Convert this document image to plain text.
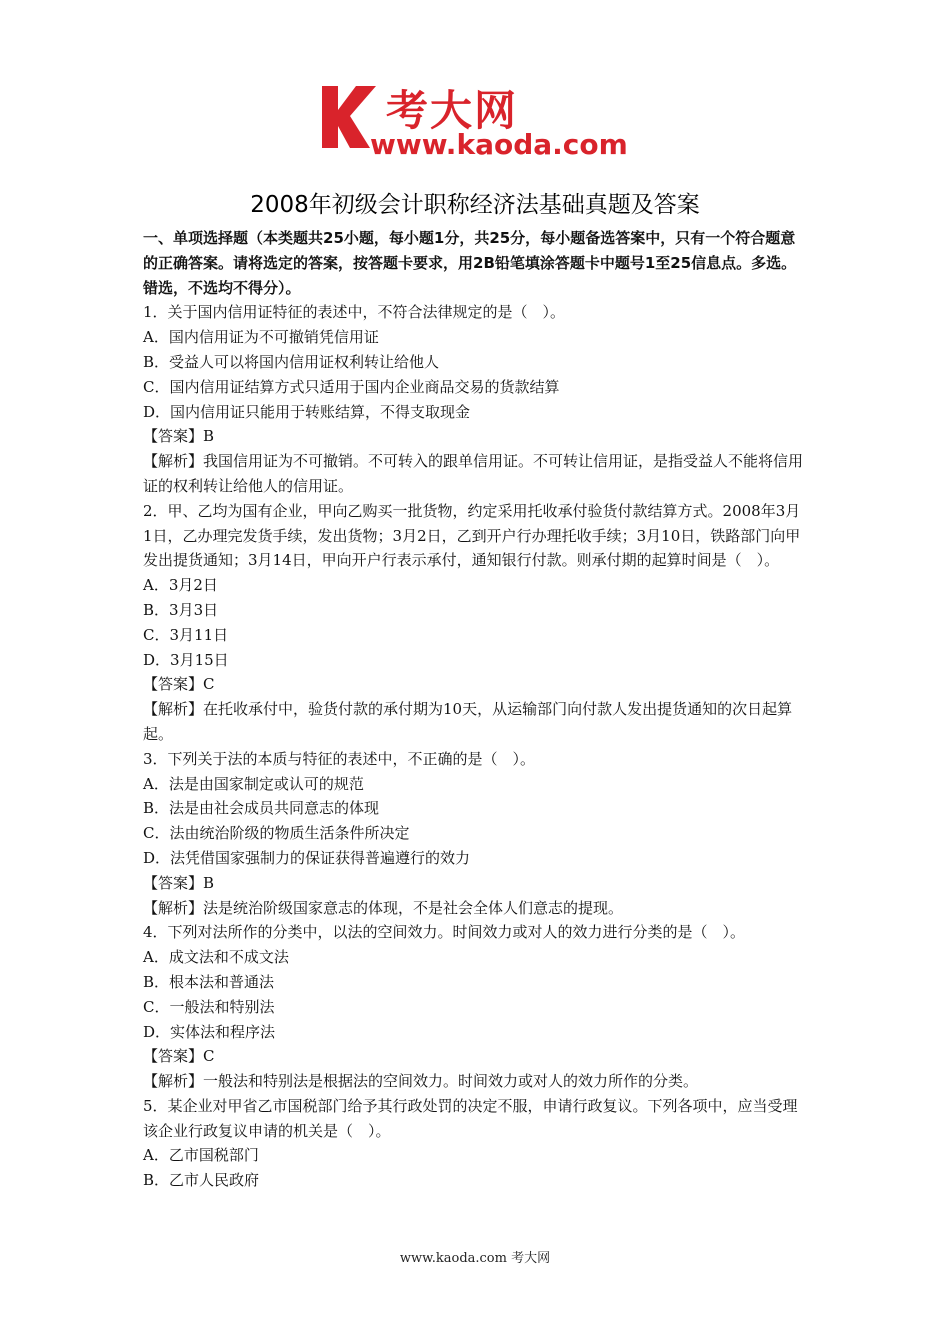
考大网
www.kaoda.com
2008年初级会计职称经济法基础真题及答案

一、单项选择题（本类题共25小题，每小题1分，共25分，每小题备选答案中，只有一个符合题意的正确答案。请将选定的答案，按答题卡要求，用2B铅笔填涂答题卡中题号1至25信息点。多选。错选，不选均不得分）。

1．关于国内信用证特征的表述中，不符合法律规定的是（　）。

A．国内信用证为不可撤销凭信用证

B．受益人可以将国内信用证权利转让给他人

C．国内信用证结算方式只适用于国内企业商品交易的货款结算

D．国内信用证只能用于转账结算，不得支取现金

【答案】B

【解析】我国信用证为不可撤销。不可转入的跟单信用证。不可转让信用证，是指受益人不能将信用证的权利转让给他人的信用证。

2．甲、乙均为国有企业，甲向乙购买一批货物，约定采用托收承付验货付款结算方式。2008年3月1日，乙办理完发货手续，发出货物；3月2日，乙到开户行办理托收手续；3月10日，铁路部门向甲发出提货通知；3月14日，甲向开户行表示承付，通知银行付款。则承付期的起算时间是（　）。

A．3月2日

B．3月3日

C．3月11日

D．3月15日

【答案】C

【解析】在托收承付中，验货付款的承付期为10天，从运输部门向付款人发出提货通知的次日起算起。

3．下列关于法的本质与特征的表述中，不正确的是（　）。

A．法是由国家制定或认可的规范

B．法是由社会成员共同意志的体现

C．法由统治阶级的物质生活条件所决定

D．法凭借国家强制力的保证获得普遍遵行的效力

【答案】B

【解析】法是统治阶级国家意志的体现，不是社会全体人们意志的提现。

4．下列对法所作的分类中，以法的空间效力。时间效力或对人的效力进行分类的是（　）。

A．成文法和不成文法

B．根本法和普通法

C．一般法和特别法

D．实体法和程序法

【答案】C

【解析】一般法和特别法是根据法的空间效力。时间效力或对人的效力所作的分类。

5．某企业对甲省乙市国税部门给予其行政处罚的决定不服，申请行政复议。下列各项中，应当受理该企业行政复议申请的机关是（　）。

A．乙市国税部门

B．乙市人民政府

www.kaoda.com 考大网
